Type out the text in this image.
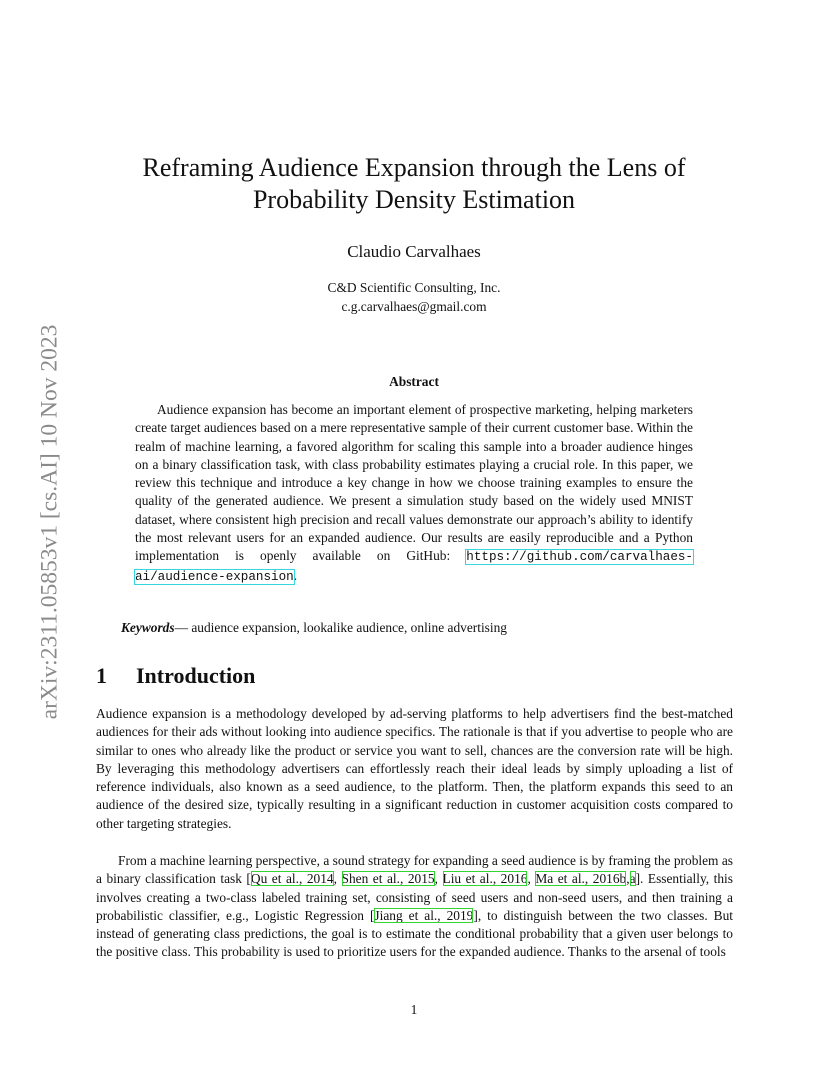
arXiv:2311.05853v1 [cs.AI] 10 Nov 2023
Reframing Audience Expansion through the Lens of
Probability Density Estimation
Claudio Carvalhaes
C&D Scientific Consulting, Inc.
c.g.carvalhaes@gmail.com
Abstract

Audience expansion has become an important element of prospective marketing, helping marketers create target audiences based on a mere representative sample of their current customer base. Within the realm of machine learning, a favored algorithm for scaling this sample into a broader audience hinges on a binary classification task, with class probability estimates playing a crucial role. In this paper, we review this technique and introduce a key change in how we choose training examples to ensure the quality of the generated audience. We present a simulation study based on the widely used MNIST dataset, where consistent high precision and recall values demonstrate our approach’s ability to identify the most relevant users for an expanded audience. Our results are easily reproducible and a Python implementation is openly available on GitHub: https://github.com/carvalhaes-ai/audience-expansion.

Keywords— audience expansion, lookalike audience, online advertising
1 Introduction

Audience expansion is a methodology developed by ad-serving platforms to help advertisers find the best-matched audiences for their ads without looking into audience specifics. The rationale is that if you advertise to people who are similar to ones who already like the product or service you want to sell, chances are the conversion rate will be high. By leveraging this methodology advertisers can effortlessly reach their ideal leads by simply uploading a list of reference individuals, also known as a seed audience, to the platform. Then, the platform expands this seed to an audience of the desired size, typically resulting in a significant reduction in customer acquisition costs compared to other targeting strategies.

From a machine learning perspective, a sound strategy for expanding a seed audience is by framing the problem as a binary classification task [Qu et al., 2014, Shen et al., 2015, Liu et al., 2016, Ma et al., 2016b,a]. Essentially, this involves creating a two-class labeled training set, consisting of seed users and non-seed users, and then training a probabilistic classifier, e.g., Logistic Regression [Jiang et al., 2019], to distinguish between the two classes. But instead of generating class predictions, the goal is to estimate the conditional probability that a given user belongs to the positive class. This probability is used to prioritize users for the expanded audience. Thanks to the arsenal of tools

1
